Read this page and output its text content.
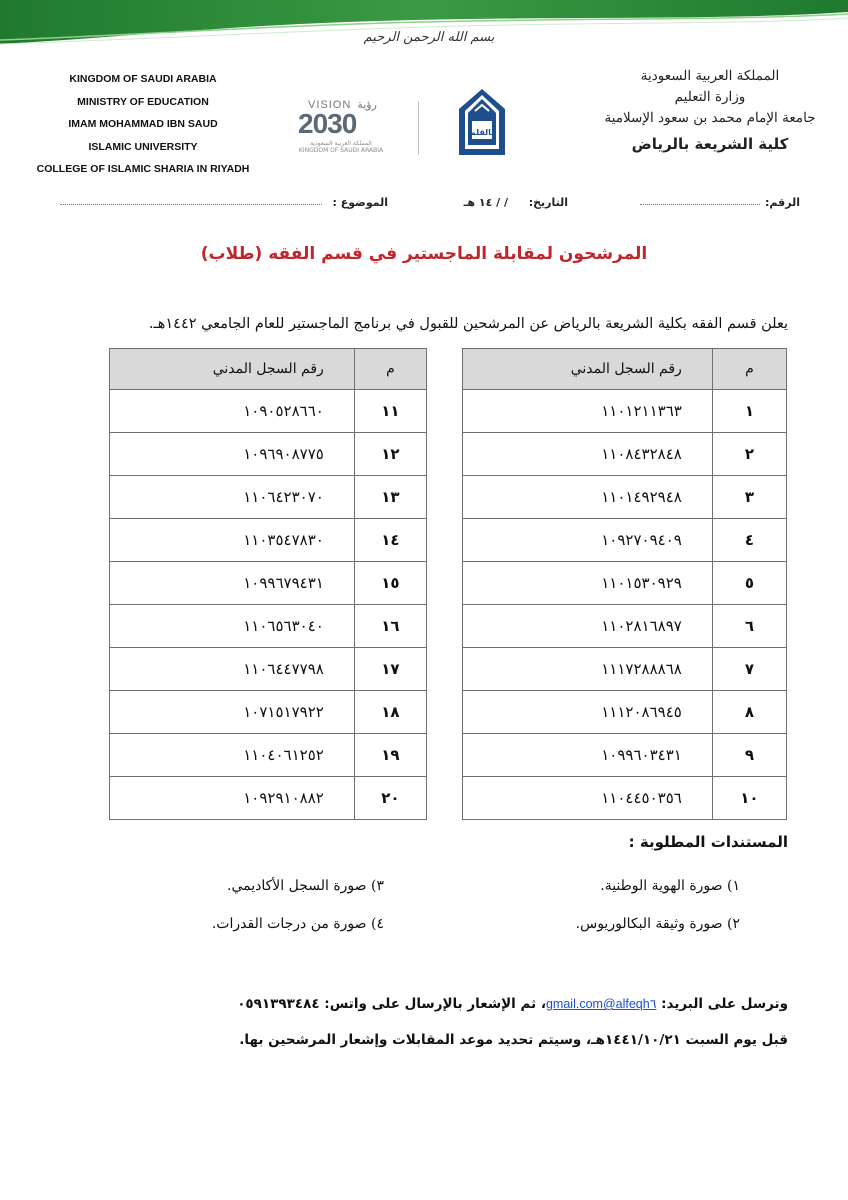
بسم الله الرحمن الرحيم
KINGDOM OF SAUDI ARABIA
MINISTRY OF EDUCATION
IMAM MOHAMMAD IBN SAUD
ISLAMIC UNIVERSITY
COLLEGE OF ISLAMIC SHARIA IN RIYADH
VISION رؤية
2030
المملكة العربية السعودية
KINGDOM OF SAUDI ARABIA
بالقلم
المملكة العربية السعودية
وزارة التعليم
جامعة الإمام محمد بن سعود الإسلامية
كلية الشريعة بالرياض
الرقم:
التاريخ:
/ / ١٤ هـ
الموضوع :
المرشحون لمقابلة الماجستير في قسم الفقه (طلاب)
يعلن قسم الفقه بكلية الشريعة بالرياض عن المرشحين للقبول في برنامج الماجستير للعام الجامعي ١٤٤٢هـ.
م	رقم السجل المدني
١	١١٠١٢١١٣٦٣
٢	١١٠٨٤٣٢٨٤٨
٣	١١٠١٤٩٢٩٤٨
٤	١٠٩٢٧٠٩٤٠٩
٥	١١٠١٥٣٠٩٢٩
٦	١١٠٢٨١٦٨٩٧
٧	١١١٧٢٨٨٨٦٨
٨	١١١٢٠٨٦٩٤٥
٩	١٠٩٩٦٠٣٤٣١
١٠	١١٠٤٤٥٠٣٥٦
م	رقم السجل المدني
١١	١٠٩٠٥٢٨٦٦٠
١٢	١٠٩٦٩٠٨٧٧٥
١٣	١١٠٦٤٢٣٠٧٠
١٤	١١٠٣٥٤٧٨٣٠
١٥	١٠٩٩٦٧٩٤٣١
١٦	١١٠٦٥٦٣٠٤٠
١٧	١١٠٦٤٤٧٧٩٨
١٨	١٠٧١٥١٧٩٢٢
١٩	١١٠٤٠٦١٢٥٢
٢٠	١٠٩٢٩١٠٨٨٢
المستندات المطلوبة :
١) صورة الهوية الوطنية.
٢) صورة وثيقة البكالوريوس.
٣) صورة السجل الأكاديمي.
٤) صورة من درجات القدرات.
وترسل على البريد: alfeqh٦@gmail.com، ثم الإشعار بالإرسال على واتس: ٠٥٩١٣٩٣٤٨٤
قبل يوم السبت ١٤٤١/١٠/٢١هـ، وسيتم تحديد موعد المقابلات وإشعار المرشحين بها.
